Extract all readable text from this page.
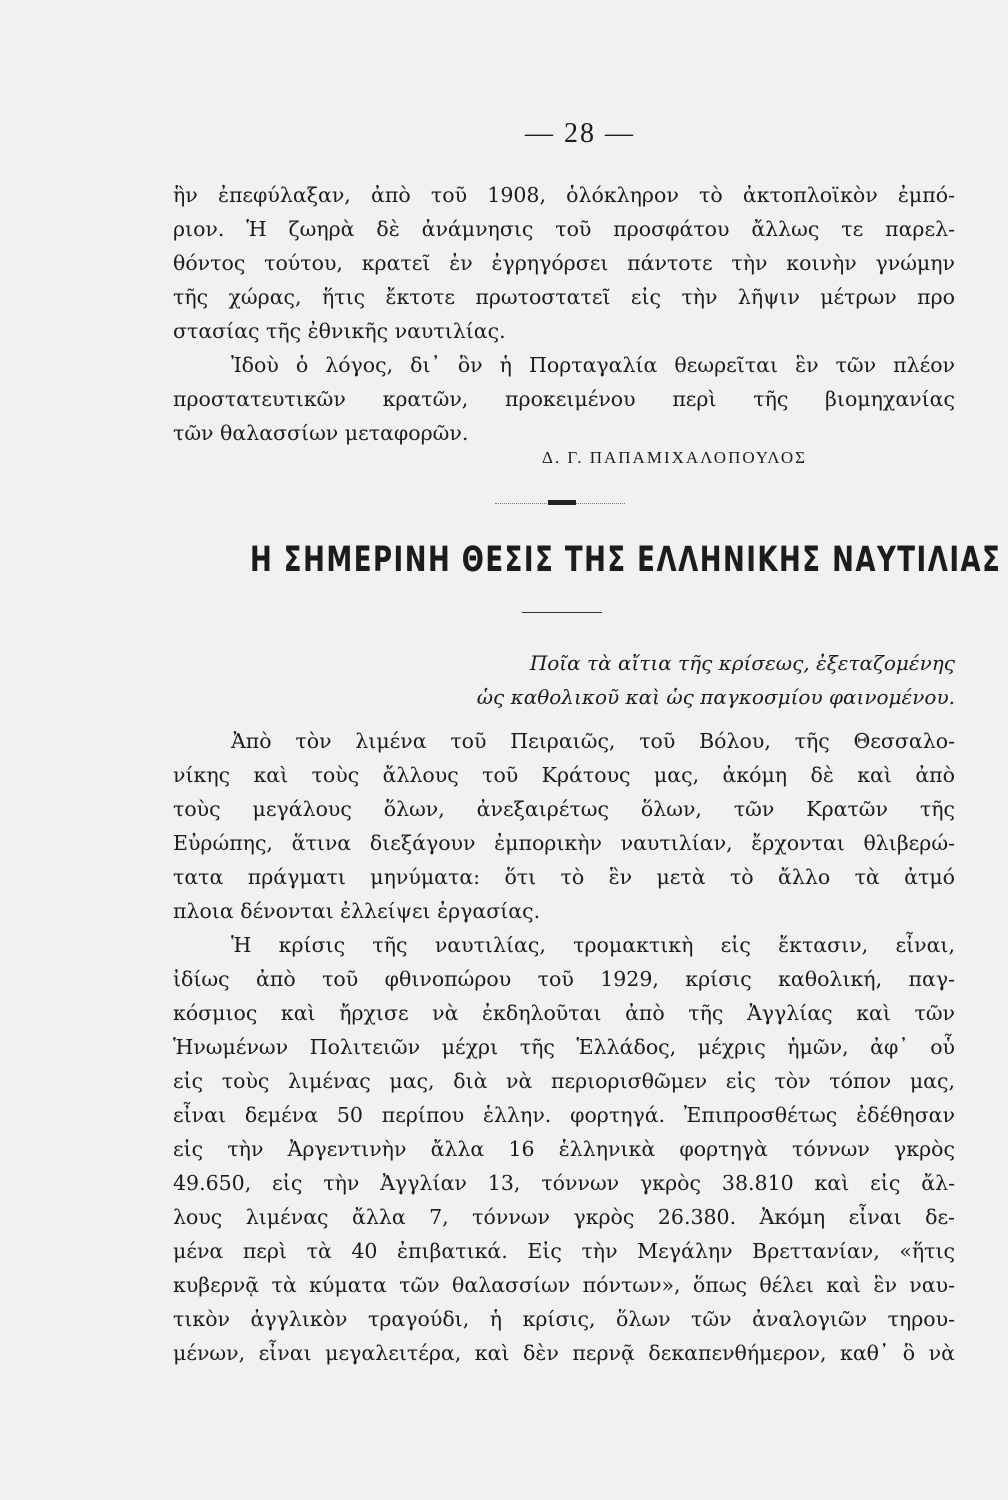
— 28 —

ἣν ἐπεφύλαξαν, ἀπὸ τοῦ 1908, ὁλόκληρον τὸ ἀκτοπλοϊκὸν ἐμπό-
ριον. Ἡ ζωηρὰ δὲ ἀνάμνησις τοῦ προσφάτου ἄλλως τε παρελ-
θόντος τούτου, κρατεῖ ἐν ἐγρηγόρσει πάντοτε τὴν κοινὴν γνώμην
τῆς χώρας, ἥτις ἔκτοτε πρωτοστατεῖ εἰς τὴν λῆψιν μέτρων προ
στασίας τῆς ἐθνικῆς ναυτιλίας.

Ἰδοὺ ὁ λόγος, δι᾽ ὃν ἡ Πορταγαλία θεωρεῖται ἓν τῶν πλέον
προστατευτικῶν κρατῶν, προκειμένου περὶ τῆς βιομηχανίας
τῶν θαλασσίων μεταφορῶν.

Δ. Γ. ΠΑΠΑΜΙΧΑΛΟΠΟΥΛΟΣ
Η ΣΗΜΕΡΙΝΗ ΘΕΣΙΣ ΤΗΣ ΕΛΛΗΝΙΚΗΣ ΝΑΥΤΙΛΙΑΣ
Ποῖα τὰ αἴτια τῆς κρίσεως, ἐξεταζομένης
ὡς καθολικοῦ καὶ ὡς παγκοσμίου φαινομένου.

Ἀπὸ τὸν λιμένα τοῦ Πειραιῶς, τοῦ Βόλου, τῆς Θεσσαλο-
νίκης καὶ τοὺς ἄλλους τοῦ Κράτους μας, ἀκόμη δὲ καὶ ἀπὸ
τοὺς μεγάλους ὅλων, ἀνεξαιρέτως ὅλων, τῶν Κρατῶν τῆς
Εὐρώπης, ἅτινα διεξάγουν ἐμπορικὴν ναυτιλίαν, ἔρχονται θλιβερώ-
τατα πράγματι μηνύματα: ὅτι τὸ ἓν μετὰ τὸ ἄλλο τὰ ἀτμό
πλοια δένονται ἐλλείψει ἐργασίας.

Ἡ κρίσις τῆς ναυτιλίας, τρομακτικὴ εἰς ἔκτασιν, εἶναι,
ἰδίως ἀπὸ τοῦ φθινοπώρου τοῦ 1929, κρίσις καθολική, παγ-
κόσμιος καὶ ἤρχισε νὰ ἐκδηλοῦται ἀπὸ τῆς Ἀγγλίας καὶ τῶν
Ἡνωμένων Πολιτειῶν μέχρι τῆς Ἑλλάδος, μέχρις ἡμῶν, ἀφ᾽ οὗ
εἰς τοὺς λιμένας μας, διὰ νὰ περιορισθῶμεν εἰς τὸν τόπον μας,
εἶναι δεμένα 50 περίπου ἑλλην. φορτηγά. Ἐπιπροσθέτως ἐδέθησαν
εἰς τὴν Ἀργεντινὴν ἄλλα 16 ἑλληνικὰ φορτηγὰ τόννων γκρὸς
49.650, εἰς τὴν Ἀγγλίαν 13, τόννων γκρὸς 38.810 καὶ εἰς ἄλ-
λους λιμένας ἄλλα 7, τόννων γκρὸς 26.380. Ἀκόμη εἶναι δε-
μένα περὶ τὰ 40 ἐπιβατικά. Εἰς τὴν Μεγάλην Βρεττανίαν, «ἥτις
κυβερνᾷ τὰ κύματα τῶν θαλασσίων πόντων», ὅπως θέλει καὶ ἓν ναυ-
τικὸν ἀγγλικὸν τραγούδι, ἡ κρίσις, ὅλων τῶν ἀναλογιῶν τηρου-
μένων, εἶναι μεγαλειτέρα, καὶ δὲν περνᾷ δεκαπενθήμερον, καθ᾽ ὃ νὰ
